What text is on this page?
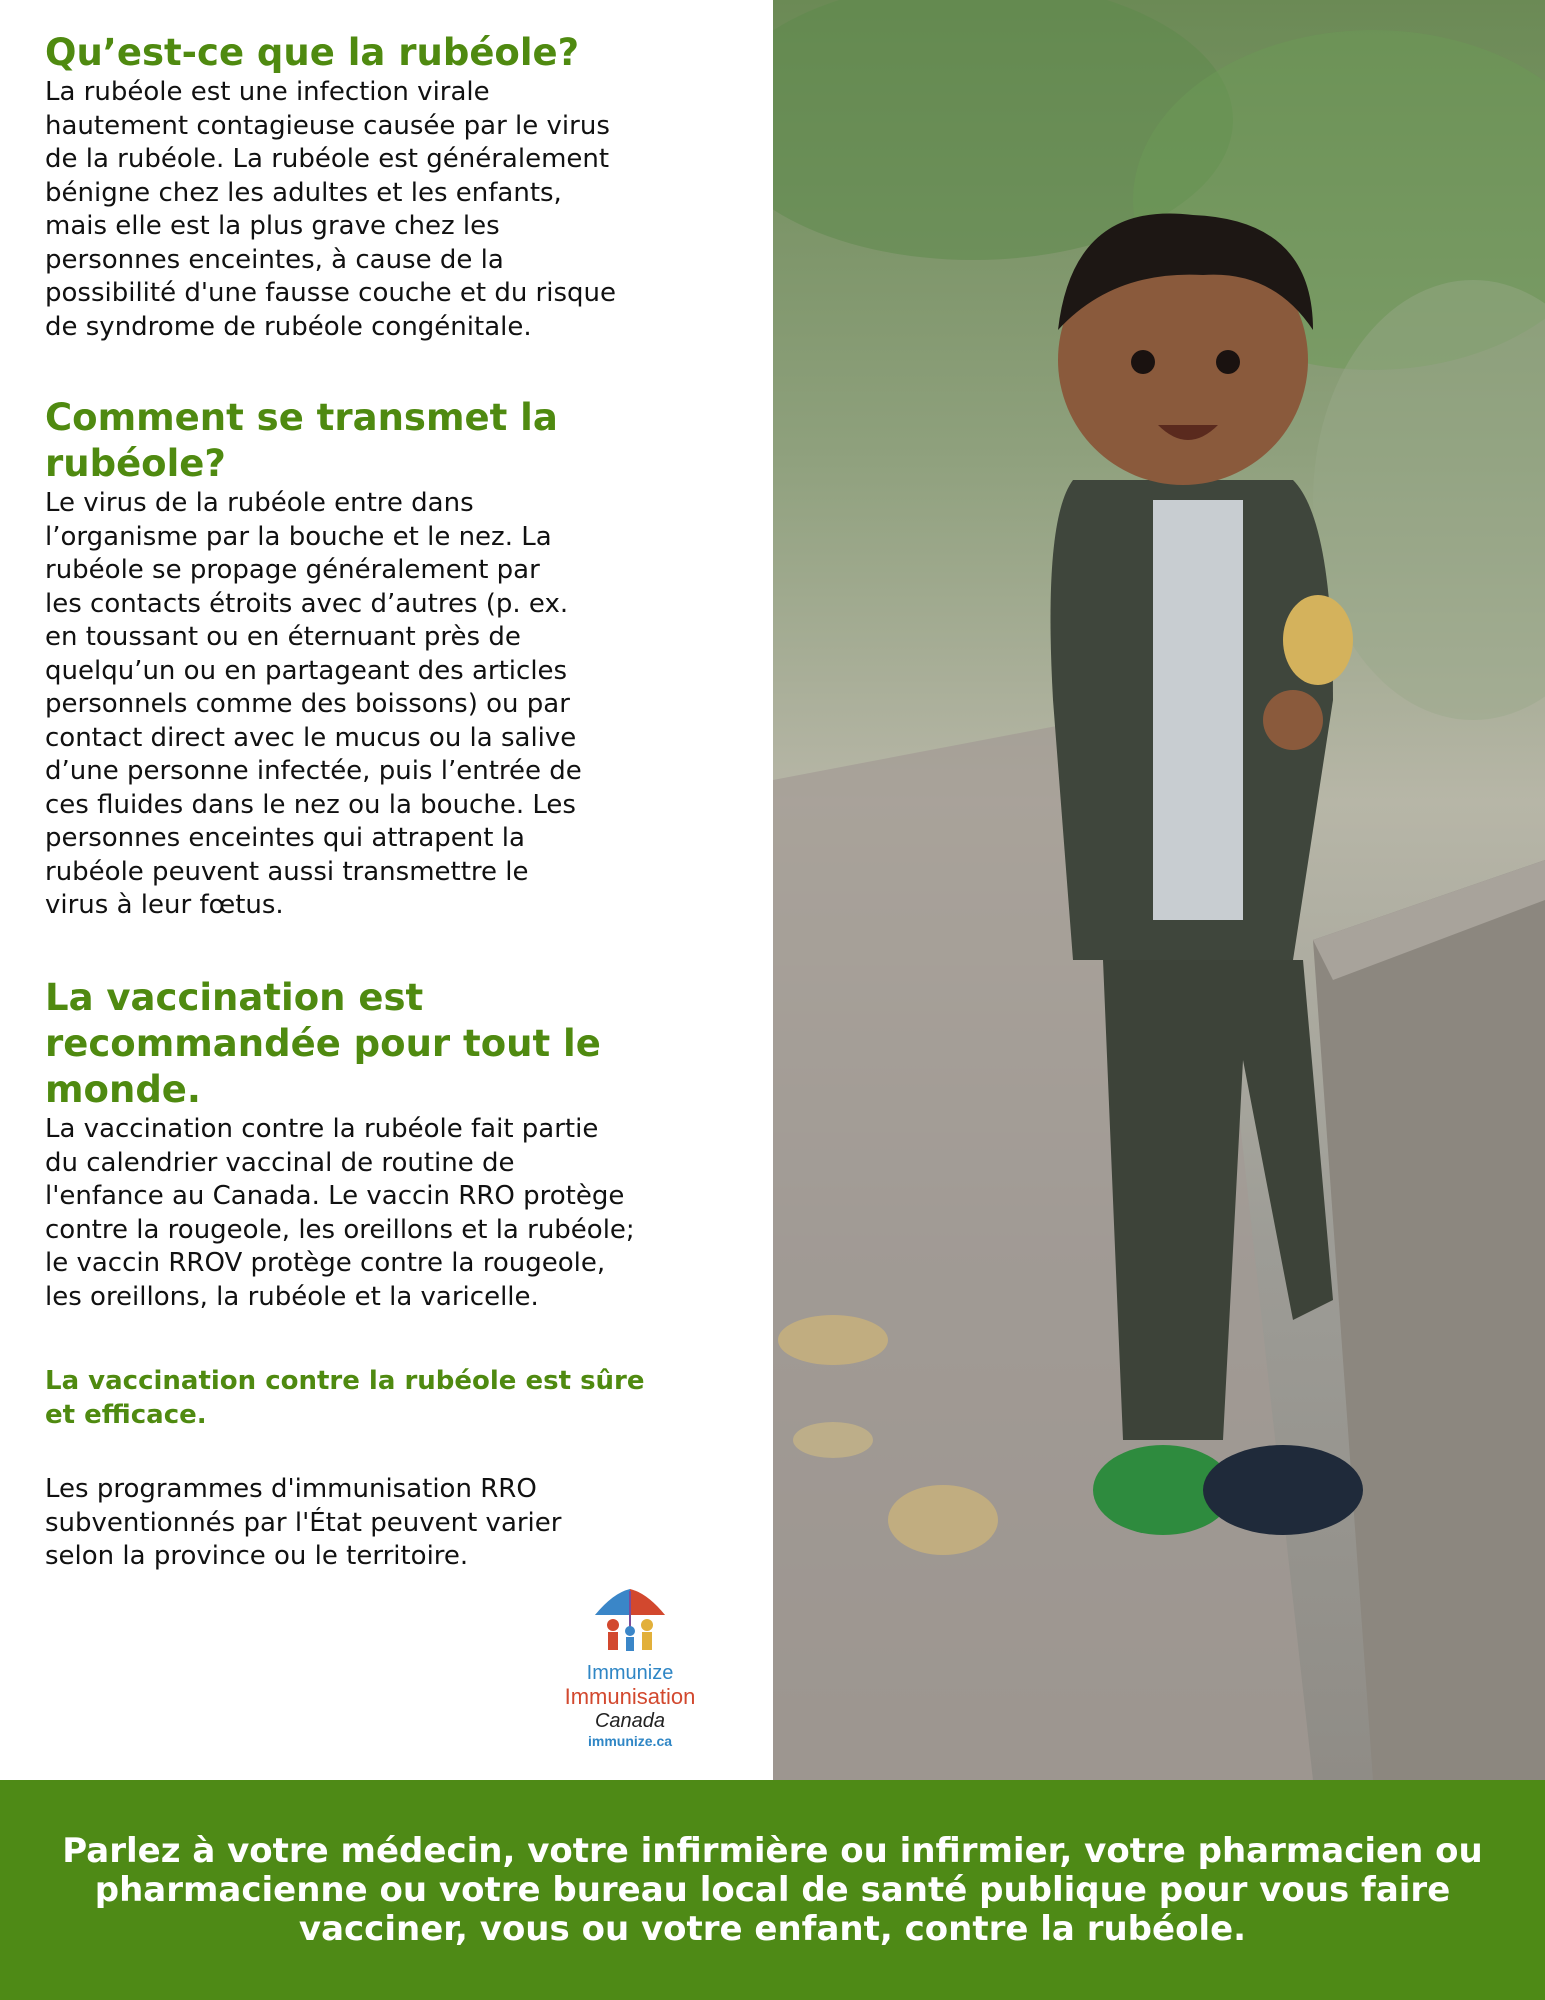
Qu’est-ce que la rubéole?

La rubéole est une infection virale
hautement contagieuse causée par le virus
de la rubéole. La rubéole est généralement
bénigne chez les adultes et les enfants,
mais elle est la plus grave chez les
personnes enceintes, à cause de la
possibilité d'une fausse couche et du risque
de syndrome de rubéole congénitale.

Comment se transmet la
rubéole?

Le virus de la rubéole entre dans
l’organisme par la bouche et le nez. La
rubéole se propage généralement par
les contacts étroits avec d’autres (p. ex.
en toussant ou en éternuant près de
quelqu’un ou en partageant des articles
personnels comme des boissons) ou par
contact direct avec le mucus ou la salive
d’une personne infectée, puis l’entrée de
ces fluides dans le nez ou la bouche. Les
personnes enceintes qui attrapent la
rubéole peuvent aussi transmettre le
virus à leur fœtus.

La vaccination est
recommandée pour tout le
monde.

La vaccination contre la rubéole fait partie
du calendrier vaccinal de routine de
l'enfance au Canada. Le vaccin RRO protège
contre la rougeole, les oreillons et la rubéole;
le vaccin RROV protège contre la rougeole,
les oreillons, la rubéole et la varicelle.

La vaccination contre la rubéole est sûre
et efficace.

Les programmes d'immunisation RRO
subventionnés par l'État peuvent varier
selon la province ou le territoire.

Immunize
Immunisation
Canada
immunize.ca

Parlez à votre médecin, votre infirmière ou infirmier, votre pharmacien ou pharmacienne ou votre bureau local de santé publique pour vous faire vacciner, vous ou votre enfant, contre la rubéole.
